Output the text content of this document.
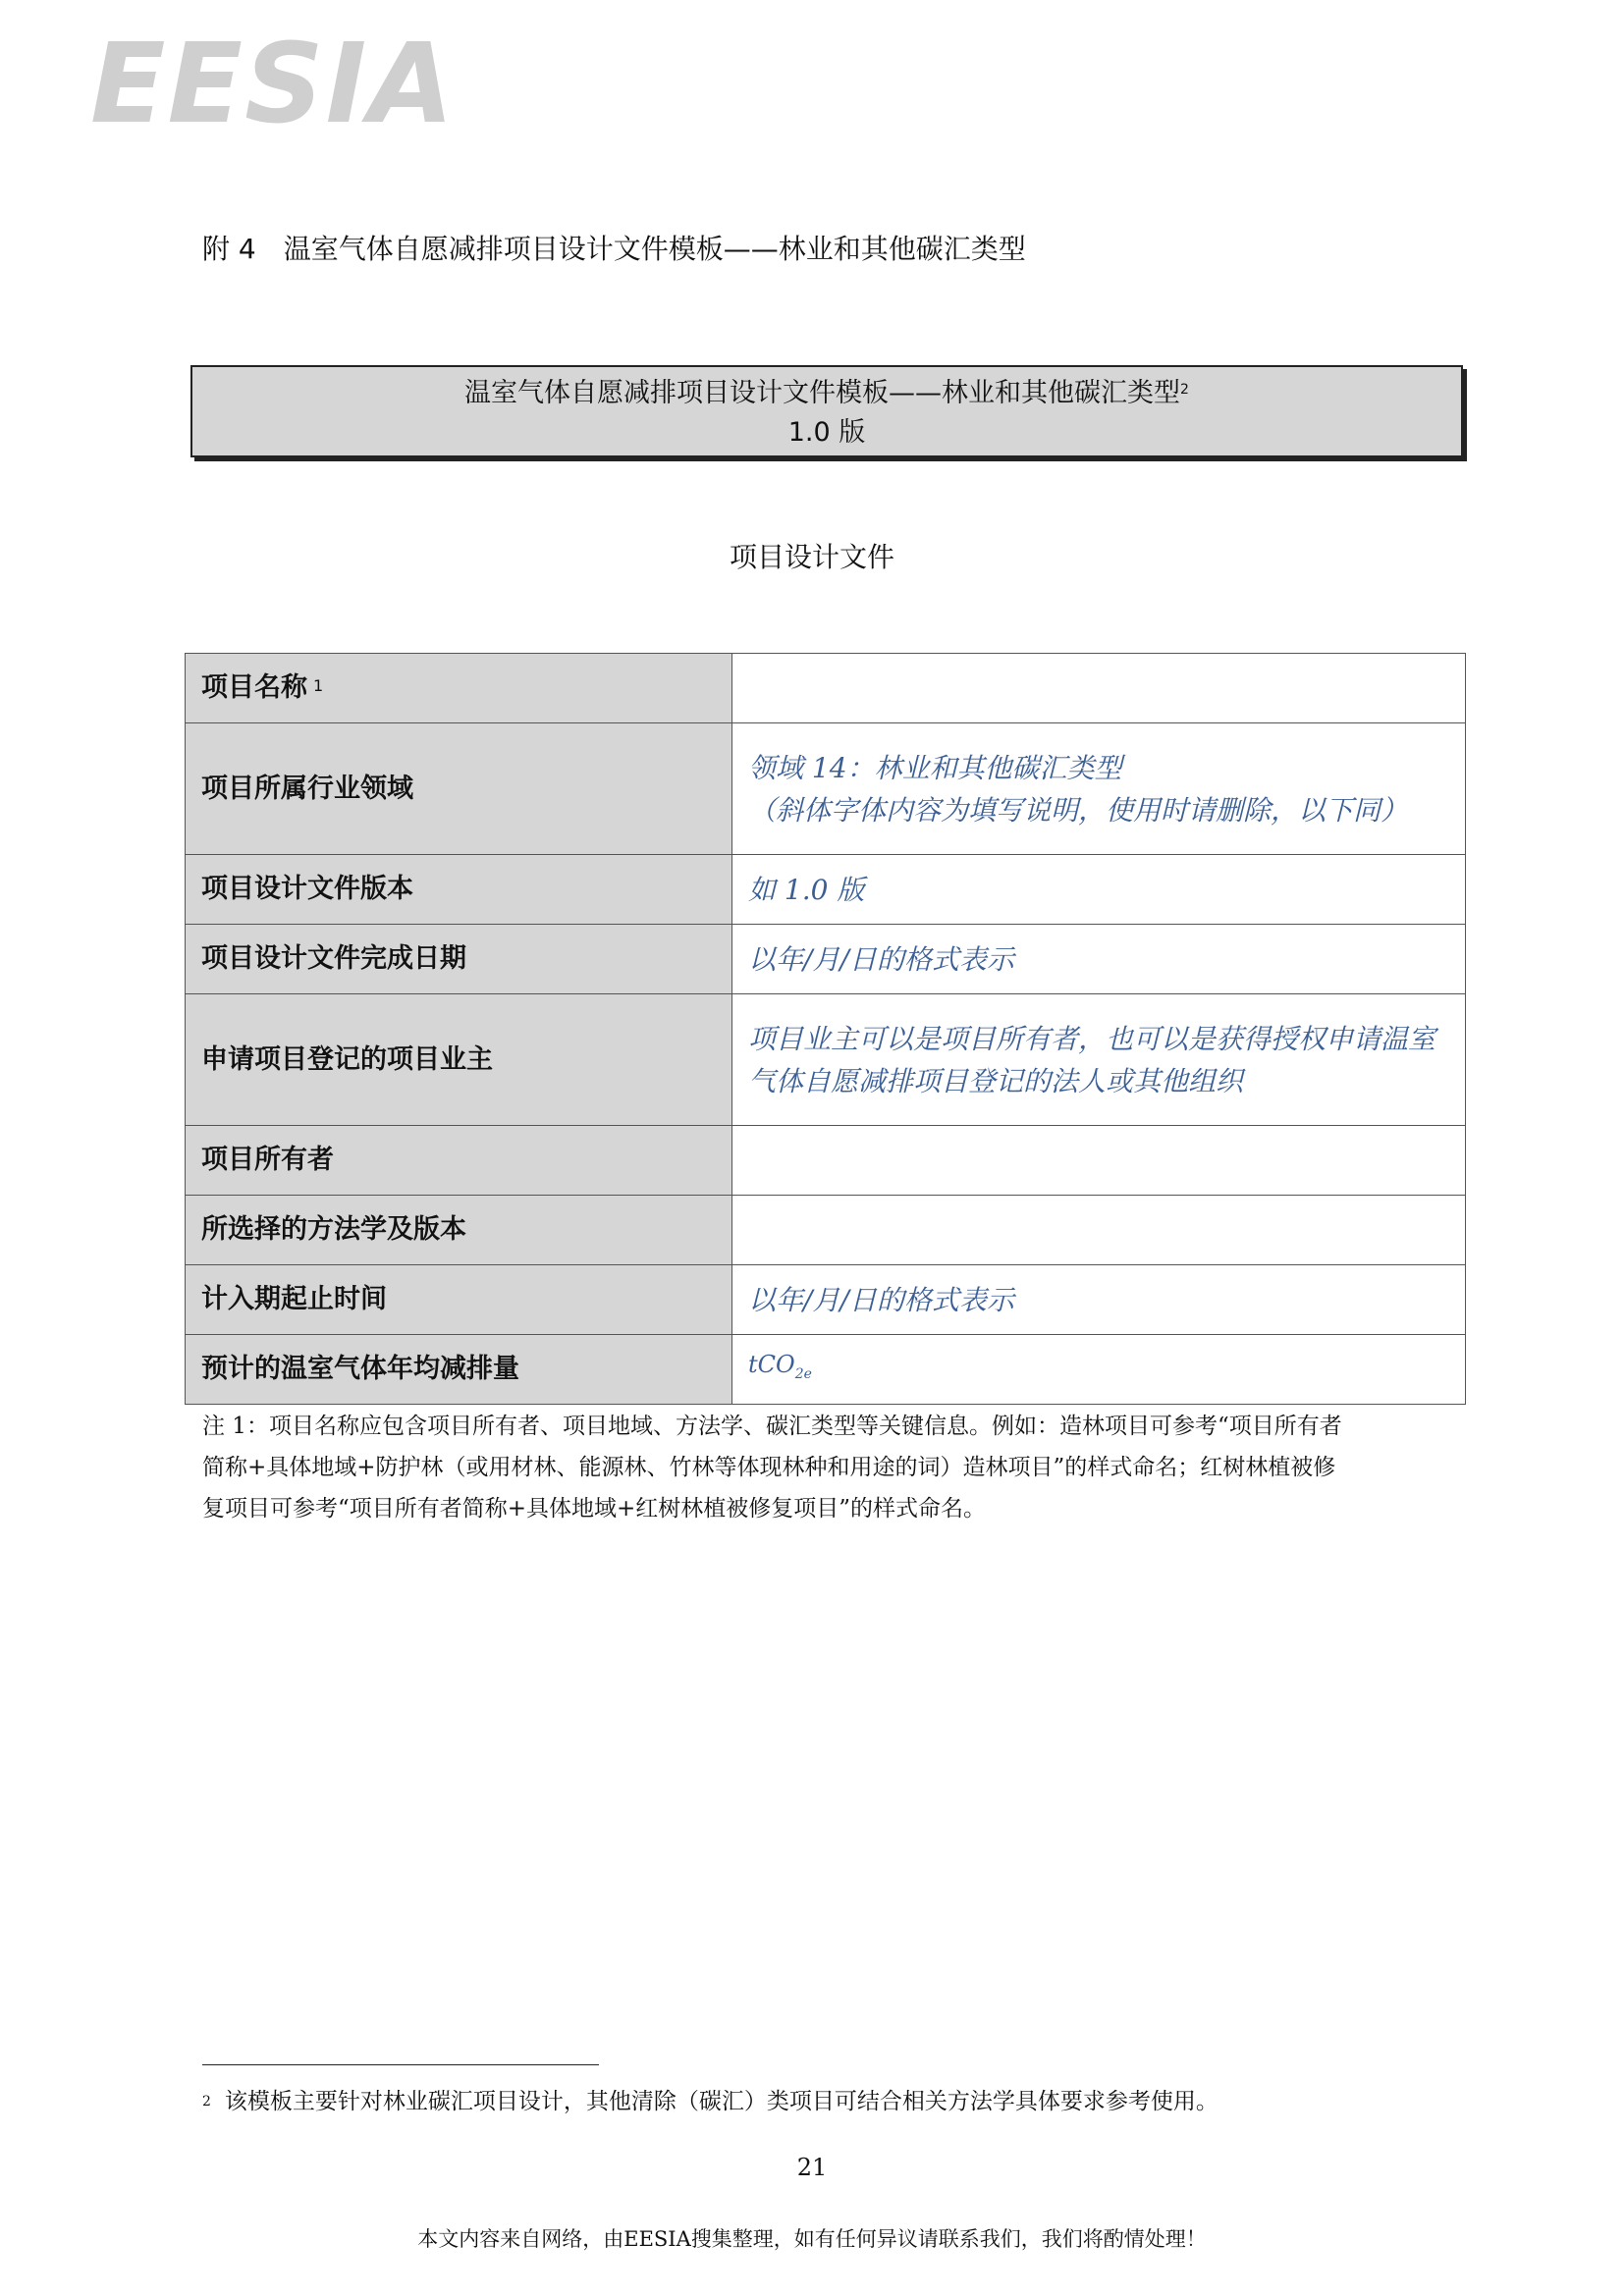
EESIA
附 4 温室气体自愿减排项目设计文件模板——林业和其他碳汇类型
温室气体自愿减排项目设计文件模板——林业和其他碳汇类型$^2$
1.0 版
项目设计文件
项目名称 $^1$	
项目所属行业领域	领域 14：林业和其他碳汇类型
（斜体字体内容为填写说明，使用时请删除，以下同）

项目设计文件版本	如 1.0 版
项目设计文件完成日期	以年/月/日的格式表示
申请项目登记的项目业主	项目业主可以是项目所有者，也可以是获得授权申请温室
气体自愿减排项目登记的法人或其他组织

项目所有者	
所选择的方法学及版本	
计入期起止时间	以年/月/日的格式表示
预计的温室气体年均减排量	tCO$_{2e}$
注 1：项目名称应包含项目所有者、项目地域、方法学、碳汇类型等关键信息。例如：造林项目可参考“项目所有者
简称+具体地域+防护林（或用材林、能源林、竹林等体现林种和用途的词）造林项目”的样式命名；红树林植被修
复项目可参考“项目所有者简称+具体地域+红树林植被修复项目”的样式命名。
$^2$ 该模板主要针对林业碳汇项目设计，其他清除（碳汇）类项目可结合相关方法学具体要求参考使用。
21
本文内容来自网络，由EESIA搜集整理，如有任何异议请联系我们，我们将酌情处理！
